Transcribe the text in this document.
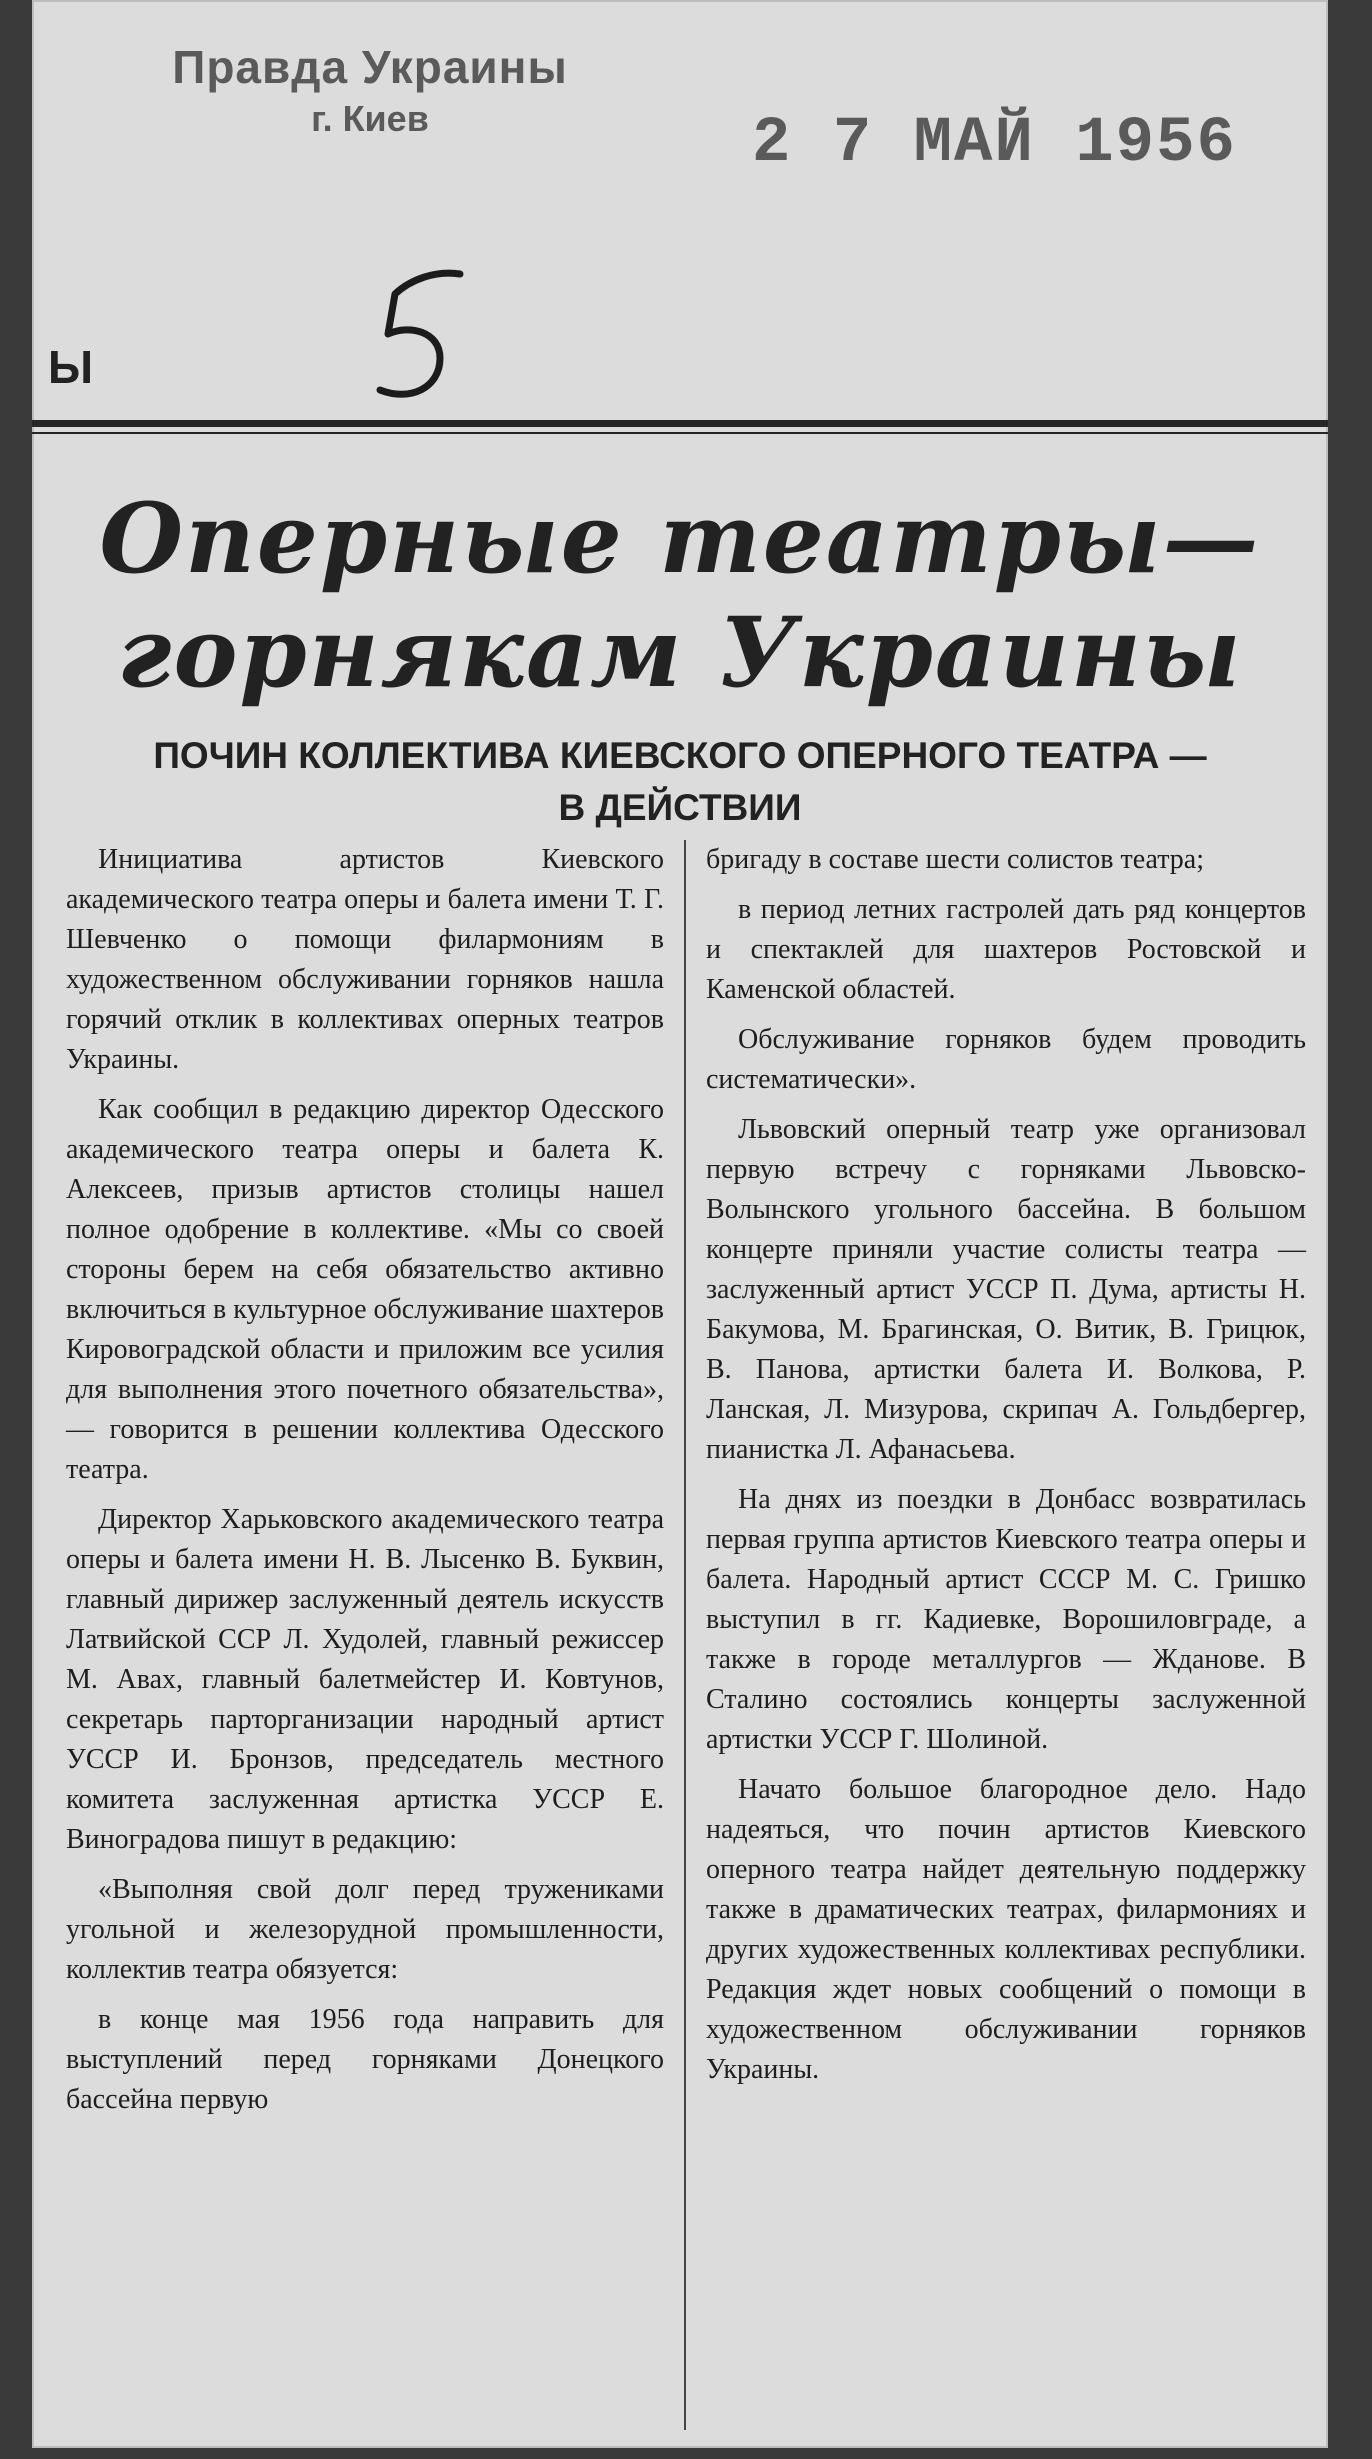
Правда Украины
г. Киев	2 7 МАЙ 1956
Ы
Оперные театры—
горнякам Украины
ПОЧИН КОЛЛЕКТИВА КИЕВСКОГО ОПЕРНОГО ТЕАТРА —
В ДЕЙСТВИИ

Инициатива артистов Киевского академического театра оперы и балета имени Т. Г. Шевченко о помощи филармониям в художественном обслуживании горняков нашла горячий отклик в коллективах оперных театров Украины.

Как сообщил в редакцию директор Одесского академического театра оперы и балета К. Алексеев, призыв артистов столицы нашел полное одобрение в коллективе. «Мы со своей стороны берем на себя обязательство активно включиться в культурное обслуживание шахтеров Кировоградской области и приложим все усилия для выполнения этого почетного обязательства», — говорится в решении коллектива Одесского театра.

Директор Харьковского академического театра оперы и балета имени Н. В. Лысенко В. Буквин, главный дирижер заслуженный деятель искусств Латвийской ССР Л. Худолей, главный режиссер М. Авах, главный балетмейстер И. Ковтунов, секретарь парторганизации народный артист УССР И. Бронзов, председатель местного комитета заслуженная артистка УССР Е. Виноградова пишут в редакцию:

«Выполняя свой долг перед тружениками угольной и железорудной промышленности, коллектив театра обязуется:

в конце мая 1956 года направить для выступлений перед горняками Донецкого бассейна первую

бригаду в составе шести солистов театра;

в период летних гастролей дать ряд концертов и спектаклей для шахтеров Ростовской и Каменской областей.

Обслуживание горняков будем проводить систематически».

Львовский оперный театр уже организовал первую встречу с горняками Львовско-Волынского угольного бассейна. В большом концерте приняли участие солисты театра — заслуженный артист УССР П. Дума, артисты Н. Бакумова, М. Брагинская, О. Витик, В. Грицюк, В. Панова, артистки балета И. Волкова, Р. Ланская, Л. Мизурова, скрипач А. Гольдбергер, пианистка Л. Афанасьева.

На днях из поездки в Донбасс возвратилась первая группа артистов Киевского театра оперы и балета. Народный артист СССР М. С. Гришко выступил в гг. Кадиевке, Ворошиловграде, а также в городе металлургов — Жданове. В Сталино состоялись концерты заслуженной артистки УССР Г. Шолиной.

Начато большое благородное дело. Надо надеяться, что почин артистов Киевского оперного театра найдет деятельную поддержку также в драматических театрах, филармониях и других художественных коллективах республики. Редакция ждет новых сообщений о помощи в художественном обслуживании горняков Украины.
